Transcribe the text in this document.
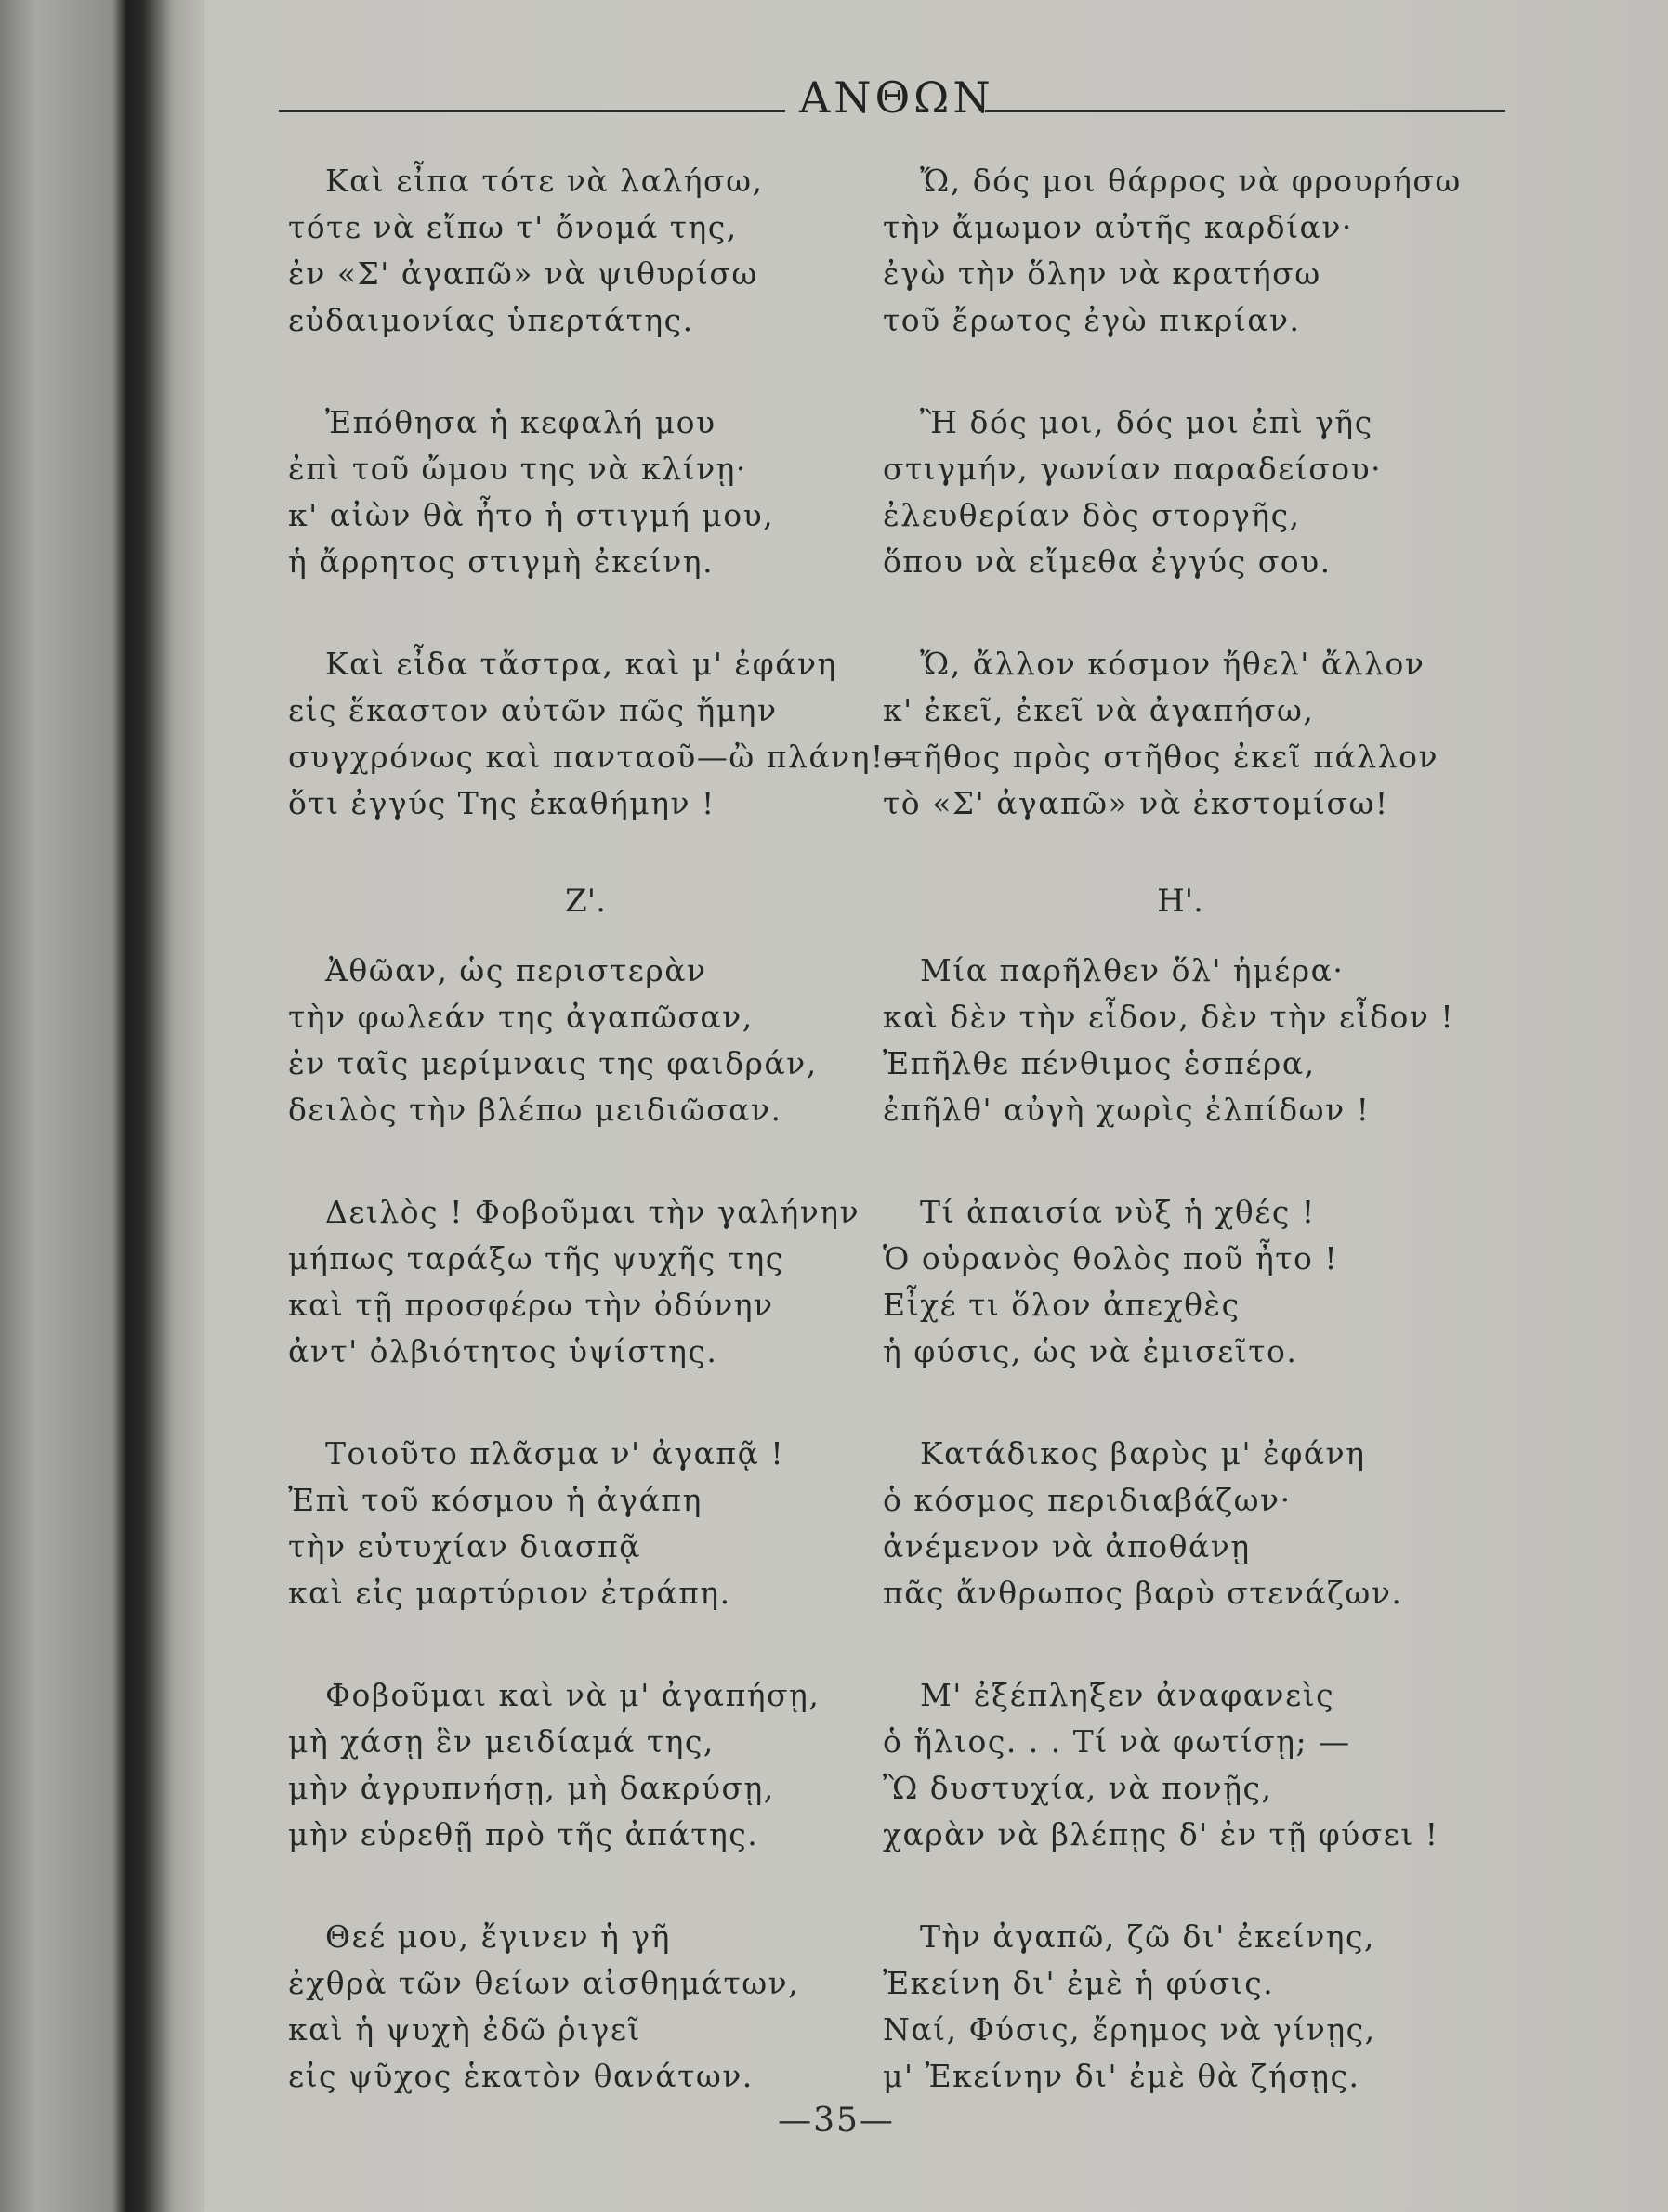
ΑΝΘΩΝ
Καὶ εἶπα τότε νὰ λαλήσω,
τότε νὰ εἴπω τ' ὄνομά της,
ἐν «Σ' ἀγαπῶ» νὰ ψιθυρίσω
εὐδαιμονίας ὑπερτάτης.
Ἐπόθησα ἡ κεφαλή μου
ἐπὶ τοῦ ὤμου της νὰ κλίνῃ·
κ' αἰὼν θὰ ἦτο ἡ στιγμή μου,
ἡ ἄρρητος στιγμὴ ἐκείνη.
Καὶ εἶδα τἄστρα, καὶ μ' ἐφάνη
εἰς ἕκαστον αὐτῶν πῶς ἤμην
συγχρόνως καὶ πανταοῦ—ὢ πλάνη!—
ὅτι ἐγγύς Της ἐκαθήμην !
Ζ'.
Ἀθῶαν, ὡς περιστερὰν
τὴν φωλεάν της ἀγαπῶσαν,
ἐν ταῖς μερίμναις της φαιδράν,
δειλὸς τὴν βλέπω μειδιῶσαν.
Δειλὸς ! Φοβοῦμαι τὴν γαλήνην
μήπως ταράξω τῆς ψυχῆς της
καὶ τῇ προσφέρω τὴν ὀδύνην
ἀντ' ὀλβιότητος ὑψίστης.
Τοιοῦτο πλᾶσμα ν' ἀγαπᾷ !
Ἐπὶ τοῦ κόσμου ἡ ἀγάπη
τὴν εὐτυχίαν διασπᾷ
καὶ εἰς μαρτύριον ἐτράπη.
Φοβοῦμαι καὶ νὰ μ' ἀγαπήσῃ,
μὴ χάσῃ ἓν μειδίαμά της,
μὴν ἀγρυπνήσῃ, μὴ δακρύσῃ,
μὴν εὑρεθῇ πρὸ τῆς ἀπάτης.
Θεέ μου, ἔγινεν ἡ γῆ
ἐχθρὰ τῶν θείων αἰσθημάτων,
καὶ ἡ ψυχὴ ἐδῶ ῥιγεῖ
εἰς ψῦχος ἑκατὸν θανάτων.
Ὤ, δός μοι θάρρος νὰ φρουρήσω
τὴν ἄμωμον αὐτῆς καρδίαν·
ἐγὼ τὴν ὅλην νὰ κρατήσω
τοῦ ἔρωτος ἐγὼ πικρίαν.
Ἢ δός μοι, δός μοι ἐπὶ γῆς
στιγμήν, γωνίαν παραδείσου·
ἐλευθερίαν δὸς στοργῆς,
ὅπου νὰ εἴμεθα ἐγγύς σου.
Ὤ, ἄλλον κόσμον ἤθελ' ἄλλον
κ' ἐκεῖ, ἐκεῖ νὰ ἀγαπήσω,
στῆθος πρὸς στῆθος ἐκεῖ πάλλον
τὸ «Σ' ἀγαπῶ» νὰ ἐκστομίσω!
Η'.
Μία παρῆλθεν ὅλ' ἡμέρα·
καὶ δὲν τὴν εἶδον, δὲν τὴν εἶδον !
Ἐπῆλθε πένθιμος ἑσπέρα,
ἐπῆλθ' αὐγὴ χωρὶς ἐλπίδων !
Τί ἀπαισία νὺξ ἡ χθές !
Ὁ οὐρανὸς θολὸς ποῦ ἦτο !
Εἶχέ τι ὅλον ἀπεχθὲς
ἡ φύσις, ὡς νὰ ἐμισεῖτο.
Κατάδικος βαρὺς μ' ἐφάνη
ὁ κόσμος περιδιαβάζων·
ἀνέμενον νὰ ἀποθάνῃ
πᾶς ἄνθρωπος βαρὺ στενάζων.
Μ' ἐξέπληξεν ἀναφανεὶς
ὁ ἥλιος. . . Τί νὰ φωτίσῃ; —
Ὢ δυστυχία, νὰ πονῇς,
χαρὰν νὰ βλέπῃς δ' ἐν τῇ φύσει !
Τὴν ἀγαπῶ, ζῶ δι' ἐκείνης,
Ἐκείνη δι' ἐμὲ ἡ φύσις.
Ναί, Φύσις, ἔρημος νὰ γίνῃς,
μ' Ἐκείνην δι' ἐμὲ θὰ ζήσῃς.
—35—
